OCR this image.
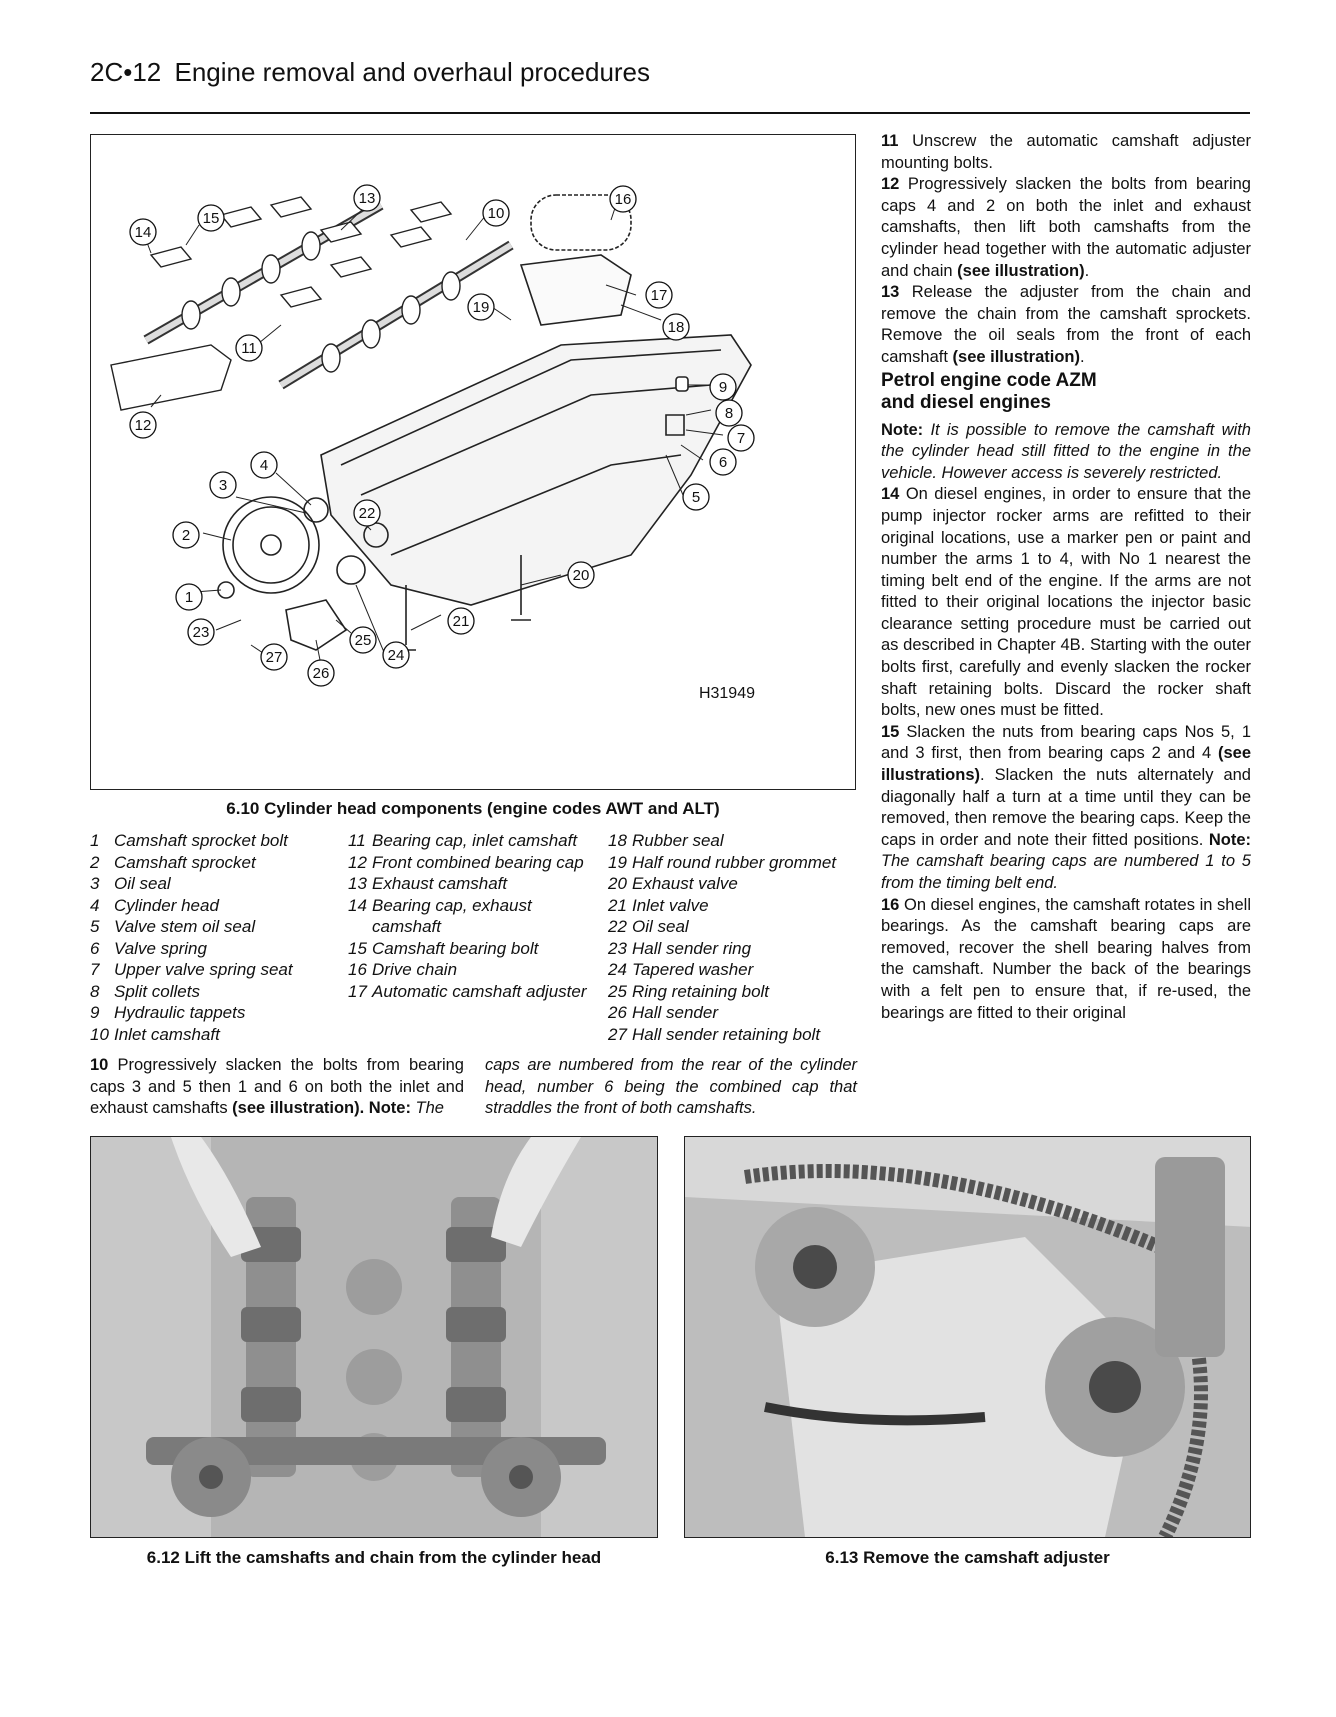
2C•12 Engine removal and overhaul procedures
1
2
3
4
5
6
7
8
9
10
11
12
13
14
15
16
17
18
19
20
21
22
23
24
25
26
27
H31949
6.10 Cylinder head components (engine codes AWT and ALT)
1 Camshaft sprocket bolt
2 Camshaft sprocket
3 Oil seal
4 Cylinder head
5 Valve stem oil seal
6 Valve spring
7 Upper valve spring seat
8 Split collets
9 Hydraulic tappets
10 Inlet camshaft
11 Bearing cap, inlet camshaft
12 Front combined bearing cap
13 Exhaust camshaft
14 Bearing cap, exhaust camshaft
15 Camshaft bearing bolt
16 Drive chain
17 Automatic camshaft adjuster
18 Rubber seal
19 Half round rubber grommet
20 Exhaust valve
21 Inlet valve
22 Oil seal
23 Hall sender ring
24 Tapered washer
25 Ring retaining bolt
26 Hall sender
27 Hall sender retaining bolt
10 Progressively slacken the bolts from bearing caps 3 and 5 then 1 and 6 on both the inlet and exhaust camshafts (see illustration). Note: The
caps are numbered from the rear of the cylinder head, number 6 being the combined cap that straddles the front of both camshafts.

11 Unscrew the automatic camshaft adjuster mounting bolts.

12 Progressively slacken the bolts from bearing caps 4 and 2 on both the inlet and exhaust camshafts, then lift both camshafts from the cylinder head together with the automatic adjuster and chain (see illustration).

13 Release the adjuster from the chain and remove the chain from the camshaft sprockets. Remove the oil seals from the front of each camshaft (see illustration).

Petrol engine code AZM
and diesel engines

Note: It is possible to remove the camshaft with the cylinder head still fitted to the engine in the vehicle. However access is severely restricted.

14 On diesel engines, in order to ensure that the pump injector rocker arms are refitted to their original locations, use a marker pen or paint and number the arms 1 to 4, with No 1 nearest the timing belt end of the engine. If the arms are not fitted to their original locations the injector basic clearance setting procedure must be carried out as described in Chapter 4B. Starting with the outer bolts first, carefully and evenly slacken the rocker shaft retaining bolts. Discard the rocker shaft bolts, new ones must be fitted.

15 Slacken the nuts from bearing caps Nos 5, 1 and 3 first, then from bearing caps 2 and 4 (see illustrations). Slacken the nuts alternately and diagonally half a turn at a time until they can be removed, then remove the bearing caps. Keep the caps in order and note their fitted positions. Note: The camshaft bearing caps are numbered 1 to 5 from the timing belt end.

16 On diesel engines, the camshaft rotates in shell bearings. As the camshaft bearing caps are removed, recover the shell bearing halves from the camshaft. Number the back of the bearings with a felt pen to ensure that, if re-used, the bearings are fitted to their original

6.12 Lift the camshafts and chain from the cylinder head	6.13 Remove the camshaft adjuster
